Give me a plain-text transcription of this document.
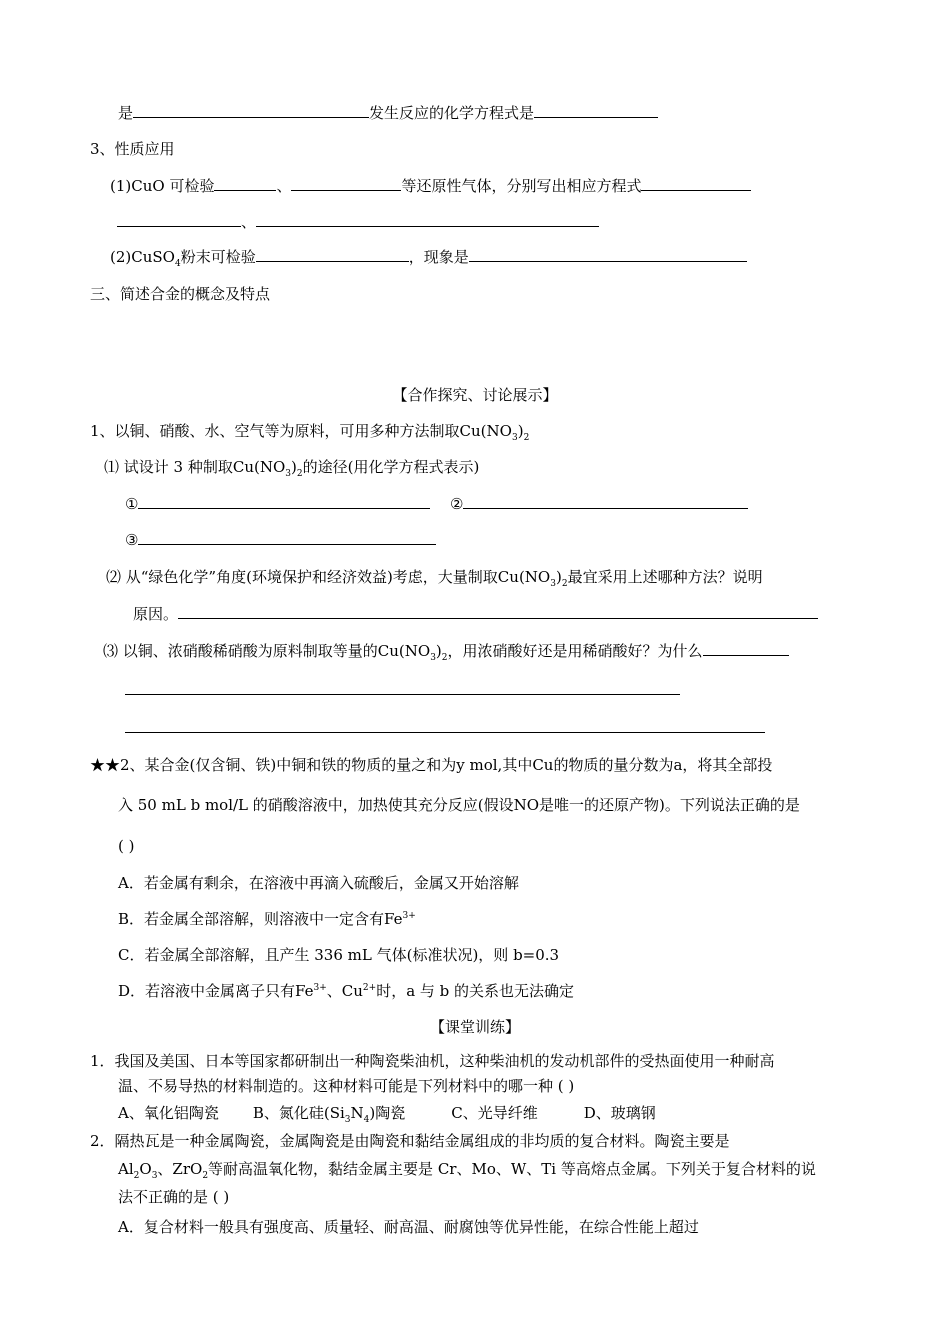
是	发生反应的化学方程式是
3、性质应用
(1)CuO 可检验	、	等还原性气体，分别写出相应方程式
、
(2)CuSO$_4$粉末可检验	，现象是
三、简述合金的概念及特点
【合作探究、讨论展示】
1、以铜、硝酸、水、空气等为原料，可用多种方法制取$Cu(NO_3)_2$
⑴ 试设计 3 种制取$Cu(NO_3)_2$的途径(用化学方程式表示)
①	②
③
⑵ 从“绿色化学”角度(环境保护和经济效益)考虑，大量制取$Cu(NO_3)_2$最宜采用上述哪种方法？说明
原因。
⑶ 以铜、浓硝酸稀硝酸为原料制取等量的$Cu(NO_3)_2$，用浓硝酸好还是用稀硝酸好？为什么
★★2、某合金(仅含铜、铁)中铜和铁的物质的量之和为y mol,其中Cu的物质的量分数为a，将其全部投
入 50 mL b mol/L 的硝酸溶液中，加热使其充分反应(假设NO是唯一的还原产物)。下列说法正确的是
( )
A．若金属有剩余，在溶液中再滴入硫酸后，金属又开始溶解
B．若金属全部溶解，则溶液中一定含有$Fe^{3+}$
C．若金属全部溶解，且产生 336 mL 气体(标准状况)，则 b=0.3
D．若溶液中金属离子只有$Fe^{3+}$、$Cu^{2+}$时，a 与 b 的关系也无法确定
【课堂训练】
1．我国及美国、日本等国家都研制出一种陶瓷柴油机，这种柴油机的发动机部件的受热面使用一种耐高
温、不易导热的材料制造的。这种材料可能是下列材料中的哪一种 ( )
A、氧化铝陶瓷 B、氮化硅$(Si_3N_4)$陶瓷	C、光导纤维	D、玻璃钢
2．隔热瓦是一种金属陶瓷，金属陶瓷是由陶瓷和黏结金属组成的非均质的复合材料。陶瓷主要是
$Al_2O_3$、ZrO$_2$等耐高温氧化物，黏结金属主要是 Cr、Mo、W、Ti 等高熔点金属。下列关于复合材料的说
法不正确的是 ( )
A．复合材料一般具有强度高、质量轻、耐高温、耐腐蚀等优异性能，在综合性能上超过
